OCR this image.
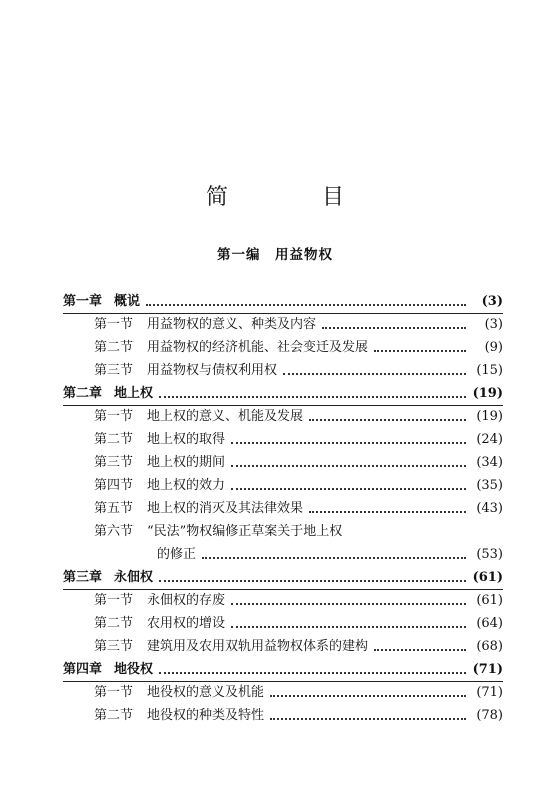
简　目
第一编　用益物权
第一章 概说	(3)
第一节 用益物权的意义、种类及内容	(3)
第二节 用益物权的经济机能、社会变迁及发展	(9)
第三节 用益物权与债权利用权	(15)
第二章 地上权	(19)
第一节 地上权的意义、机能及发展	(19)
第二节 地上权的取得	(24)
第三节 地上权的期间	(34)
第四节 地上权的效力	(35)
第五节 地上权的消灭及其法律效果	(43)
第六节 “民法”物权编修正草案关于地上权
的修正	(53)
第三章 永佃权	(61)
第一节 永佃权的存废	(61)
第二节 农用权的增设	(64)
第三节 建筑用及农用双轨用益物权体系的建构	(68)
第四章 地役权	(71)
第一节 地役权的意义及机能	(71)
第二节 地役权的种类及特性	(78)
